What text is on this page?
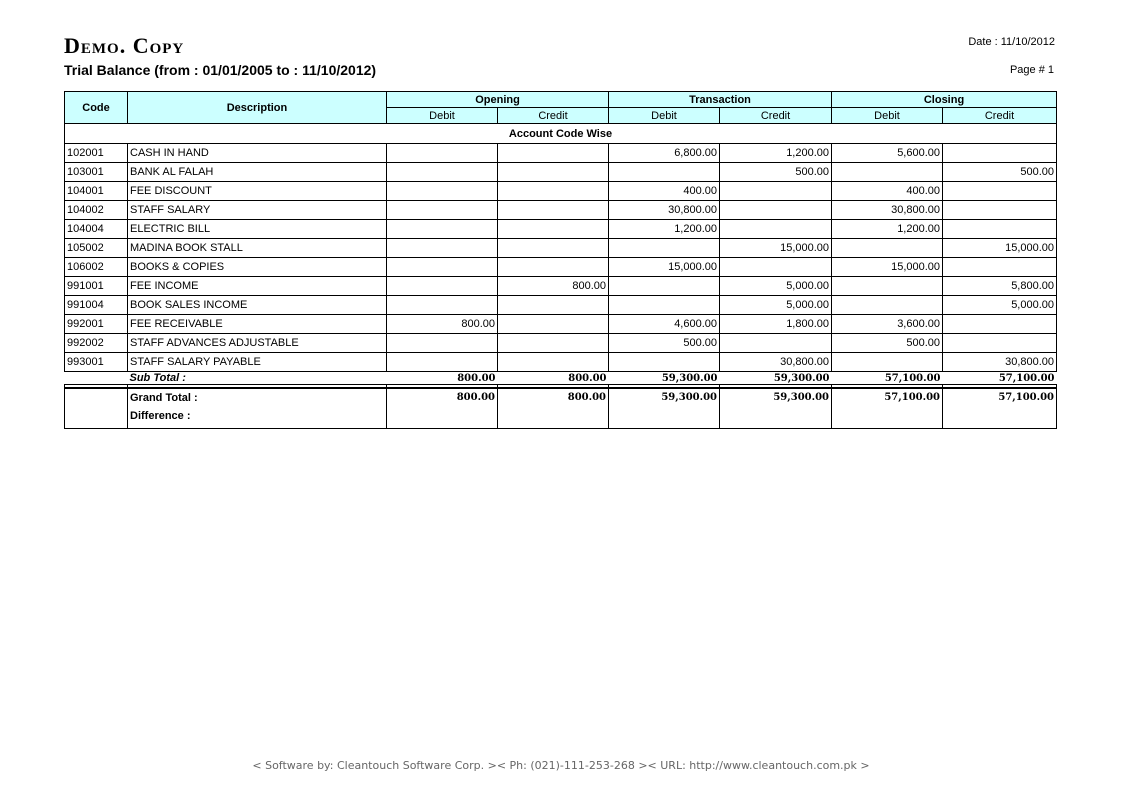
Demo. Copy
Trial Balance (from : 01/01/2005 to : 11/10/2012)
Date : 11/10/2012
Page # 1
Code	Description	Opening		Transaction		Closing	
		Debit	Credit	Debit	Credit	Debit	Credit
Account Code Wise							
102001	CASH IN HAND			6,800.00	1,200.00	5,600.00	
103001	BANK AL FALAH				500.00		500.00
104001	FEE DISCOUNT			400.00		400.00	
104002	STAFF SALARY			30,800.00		30,800.00	
104004	ELECTRIC BILL			1,200.00		1,200.00	
105002	MADINA BOOK STALL				15,000.00		15,000.00
106002	BOOKS & COPIES			15,000.00		15,000.00	
991001	FEE INCOME		800.00		5,000.00		5,800.00
991004	BOOK SALES INCOME				5,000.00		5,000.00
992001	FEE RECEIVABLE	800.00		4,600.00	1,800.00	3,600.00	
992002	STAFF ADVANCES ADJUSTABLE			500.00		500.00	
993001	STAFF SALARY PAYABLE				30,800.00		30,800.00
	Sub Total :	800.00	800.00	59,300.00	59,300.00	57,100.00	57,100.00

	Grand Total :	800.00	800.00	59,300.00	59,300.00	57,100.00	57,100.00
	Difference :						
< Software by: Cleantouch Software Corp. >< Ph: (021)-111-253-268 >< URL: http://www.cleantouch.com.pk >
